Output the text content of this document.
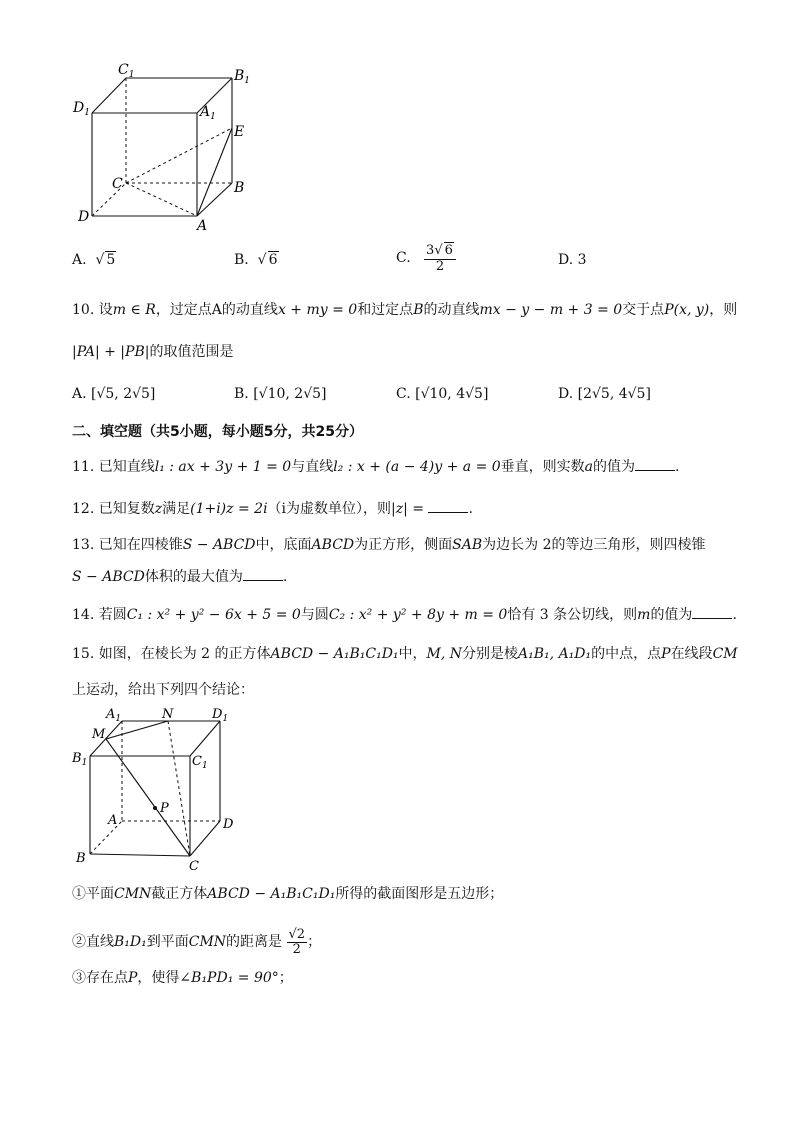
$C_1$	$B_1$
$D_1$	$A_1$
E
C	B
D
A
A.  √ 5	B.  √ 6	C. $\frac{3√ 6}{2}$	D. 3
10. 设m ∈ R，过定点A的动直线x + my = 0和过定点B的动直线mx − y − m + 3 = 0交于点P(x, y)，则
|PA| + |PB|的取值范围是
A. [√5, 2√5]	B. [√10, 2√5]	C. [√10, 4√5]	D. [2√5, 4√5]
二、填空题（共5小题，每小题5分，共25分）
11. 已知直线l₁ : ax + 3y + 1 = 0与直线l₂ : x + (a − 4)y + a = 0垂直，则实数a的值为	.
12. 已知复数z满足(1+i)z = 2i（i为虚数单位），则|z| =	.
13. 已知在四棱锥S − ABCD中，底面ABCD为正方形，侧面SAB为边长为 2的等边三角形，则四棱锥
S − ABCD体积的最大值为	.
14. 若圆C₁ : x² + y² − 6x + 5 = 0与圆C₂ : x² + y² + 8y + m = 0恰有 3 条公切线，则m的值为	.
15. 如图，在棱长为 2 的正方体ABCD − A₁B₁C₁D₁中，M, N分别是棱A₁B₁, A₁D₁的中点，点P在线段CM
上运动，给出下列四个结论：
$A_1$	N	$D_1$
M
$B_1$	$C_1$
P
A	D
B
C
①平面CMN截正方体ABCD − A₁B₁C₁D₁所得的截面图形是五边形；
②直线B₁D₁到平面CMN的距离是 $\frac{√2}{2}$ ；
③存在点P，使得∠B₁PD₁ = 90°；
